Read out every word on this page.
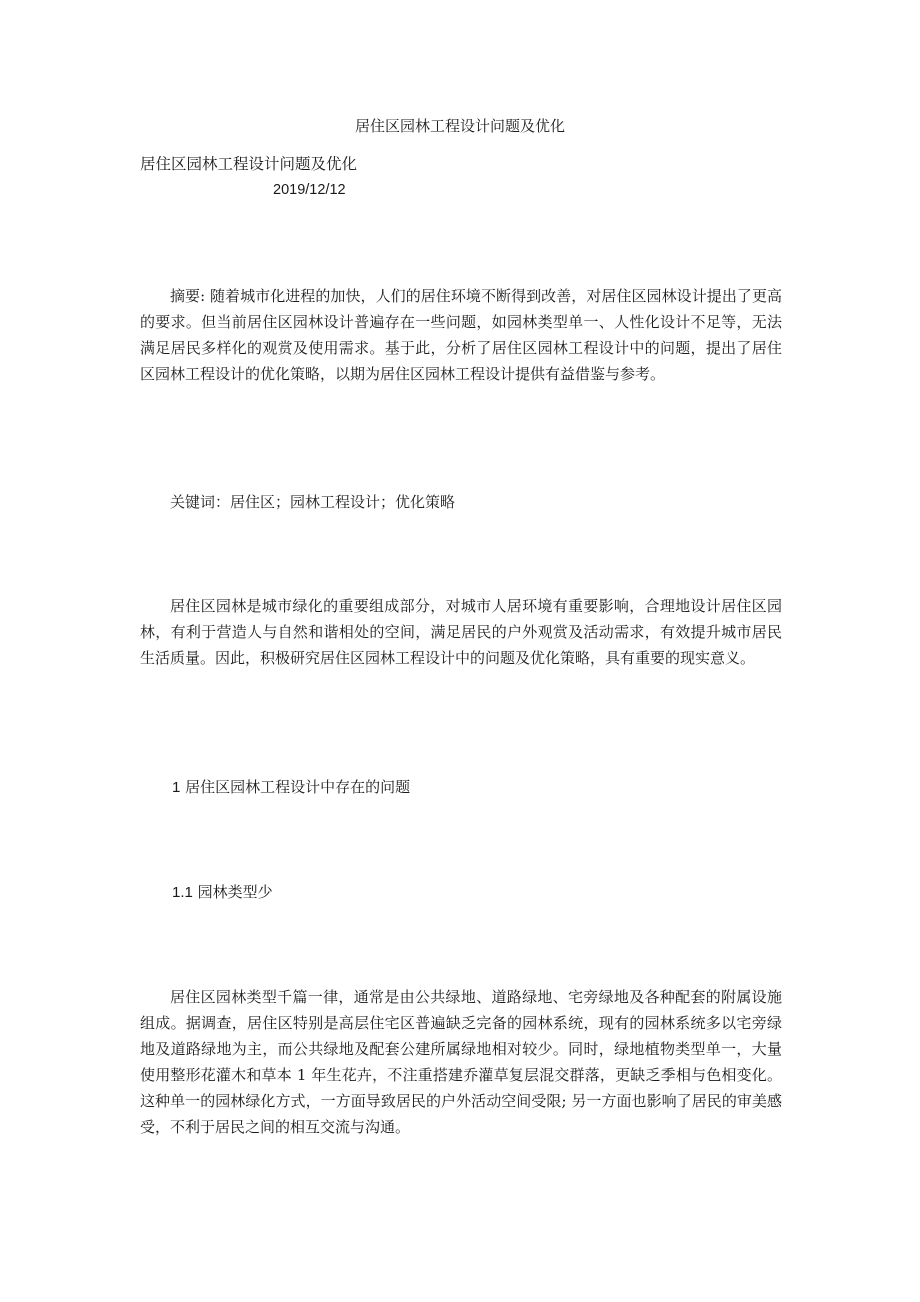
居住区园林工程设计问题及优化
居住区园林工程设计问题及优化
2019/12/12

摘要: 随着城市化进程的加快，人们的居住环境不断得到改善，对居住区园林设计提出了更高的要求。但当前居住区园林设计普遍存在一些问题，如园林类型单一、人性化设计不足等，无法满足居民多样化的观赏及使用需求。基于此，分析了居住区园林工程设计中的问题，提出了居住区园林工程设计的优化策略，以期为居住区园林工程设计提供有益借鉴与参考。

关键词：居住区；园林工程设计；优化策略

居住区园林是城市绿化的重要组成部分，对城市人居环境有重要影响，合理地设计居住区园林，有利于营造人与自然和谐相处的空间，满足居民的户外观赏及活动需求，有效提升城市居民生活质量。因此，积极研究居住区园林工程设计中的问题及优化策略，具有重要的现实意义。

1 居住区园林工程设计中存在的问题
1.1 园林类型少

居住区园林类型千篇一律，通常是由公共绿地、道路绿地、宅旁绿地及各种配套的附属设施组成。据调查，居住区特别是高层住宅区普遍缺乏完备的园林系统，现有的园林系统多以宅旁绿地及道路绿地为主，而公共绿地及配套公建所属绿地相对较少。同时，绿地植物类型单一，大量使用整形花灌木和草本 1 年生花卉，不注重搭建乔灌草复层混交群落，更缺乏季相与色相变化。这种单一的园林绿化方式，一方面导致居民的户外活动空间受限; 另一方面也影响了居民的审美感受，不利于居民之间的相互交流与沟通。
